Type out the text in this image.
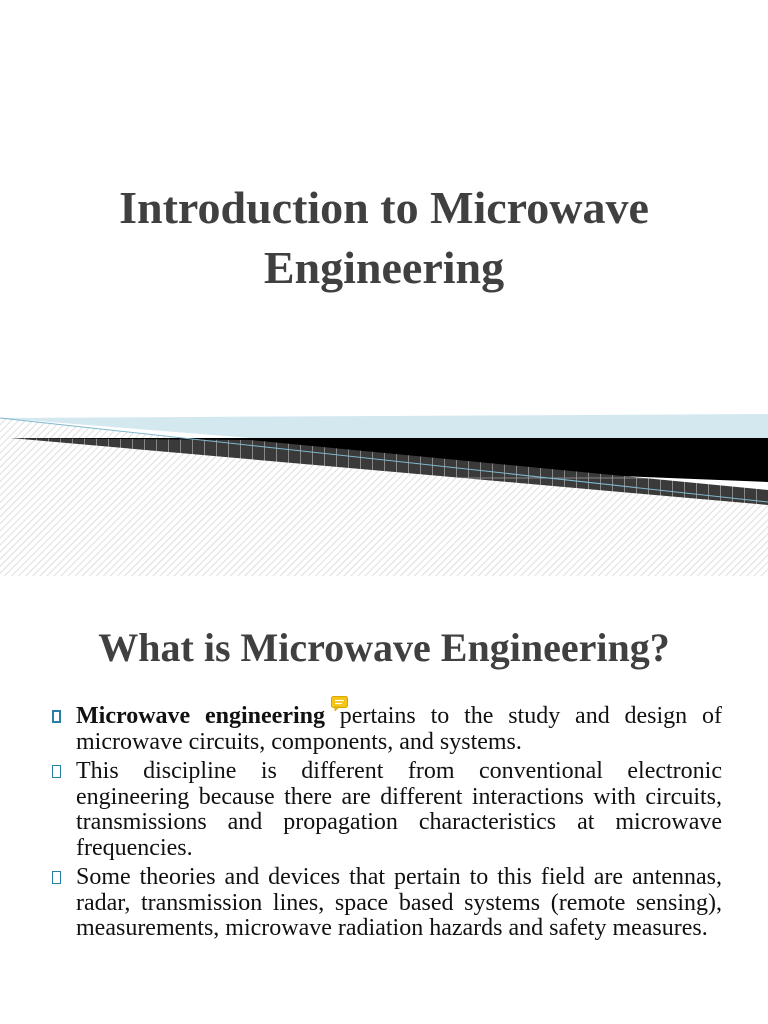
Introduction to Microwave Engineering
What is Microwave Engineering?
Microwave engineering pertains to the study and design of microwave circuits, components, and systems.
This discipline is different from conventional electronic engineering because there are different interactions with circuits, transmissions and propagation characteristics at microwave frequencies.
Some theories and devices that pertain to this field are antennas, radar, transmission lines, space based systems (remote sensing), measurements, microwave radiation hazards and safety measures.
